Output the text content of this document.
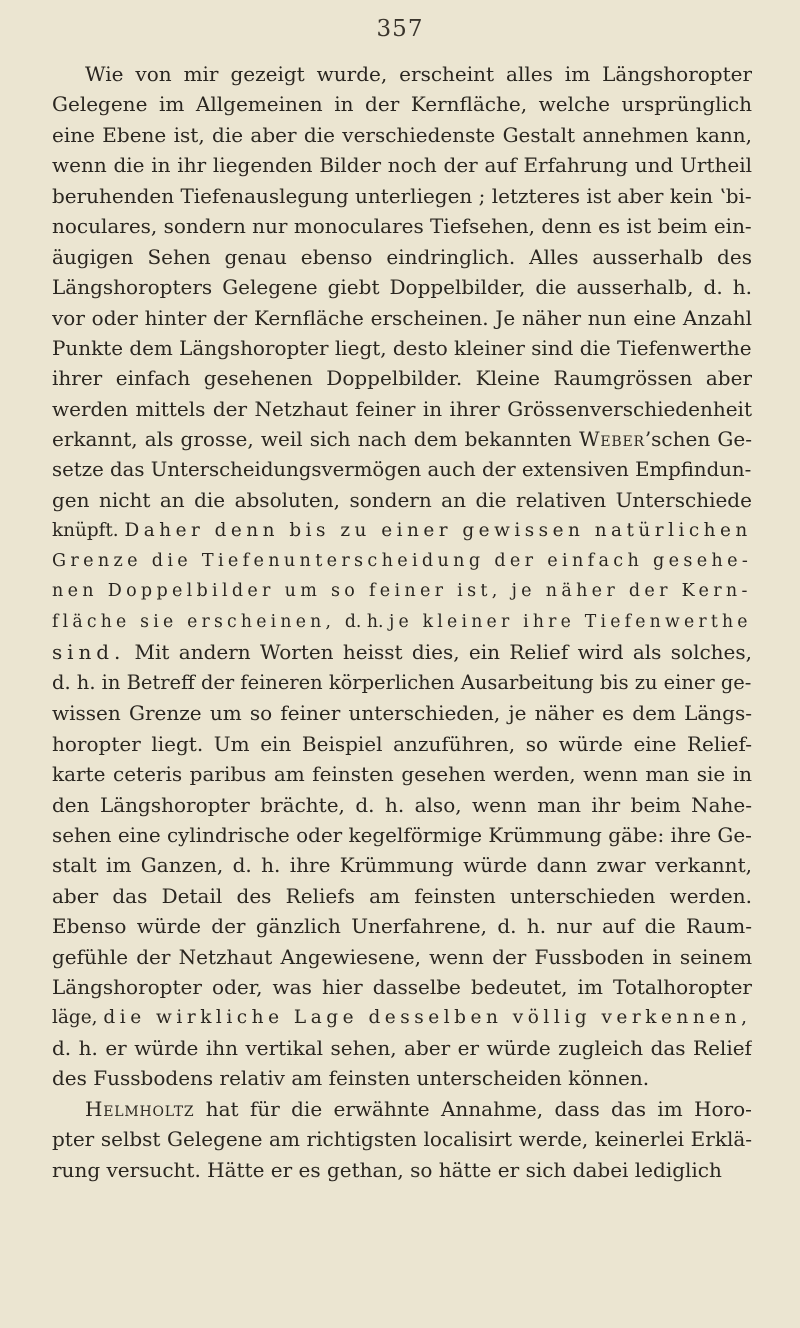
357
Wie von mir gezeigt wurde, erscheint alles im Längshoropter
Gelegene im Allgemeinen in der Kernfläche, welche ursprünglich
eine Ebene ist, die aber die verschiedenste Gestalt annehmen kann,
wenn die in ihr liegenden Bilder noch der auf Erfahrung und Urtheil
beruhenden Tiefenauslegung unterliegen ; letzteres ist aber kein ʽbi-
noculares, sondern nur monoculares Tiefsehen, denn es ist beim ein-
äugigen Sehen genau ebenso eindringlich. Alles ausserhalb des
Längshoropters Gelegene giebt Doppelbilder, die ausserhalb, d. h.
vor oder hinter der Kernfläche erscheinen. Je näher nun eine Anzahl
Punkte dem Längshoropter liegt, desto kleiner sind die Tiefenwerthe
ihrer einfach gesehenen Doppelbilder. Kleine Raumgrössen aber
werden mittels der Netzhaut feiner in ihrer Grössenverschiedenheit
erkannt, als grosse, weil sich nach dem bekannten Weber’schen Ge-
setze das Unterscheidungsvermögen auch der extensiven Empfindun-
gen nicht an die absoluten, sondern an die relativen Unterschiede
knüpft. Daher denn bis zu einer gewissen natürlichen
Grenze die Tiefenunterscheidung der einfach gesehe-
nen Doppelbilder um so feiner ist, je näher der Kern-
fläche sie erscheinen, d. h. je kleiner ihre Tiefenwerthe
sind. Mit andern Worten heisst dies, ein Relief wird als solches,
d. h. in Betreff der feineren körperlichen Ausarbeitung bis zu einer ge-
wissen Grenze um so feiner unterschieden, je näher es dem Längs-
horopter liegt. Um ein Beispiel anzuführen, so würde eine Relief-
karte ceteris paribus am feinsten gesehen werden, wenn man sie in
den Längshoropter brächte, d. h. also, wenn man ihr beim Nahe-
sehen eine cylindrische oder kegelförmige Krümmung gäbe: ihre Ge-
stalt im Ganzen, d. h. ihre Krümmung würde dann zwar verkannt,
aber das Detail des Reliefs am feinsten unterschieden werden.
Ebenso würde der gänzlich Unerfahrene, d. h. nur auf die Raum-
gefühle der Netzhaut Angewiesene, wenn der Fussboden in seinem
Längshoropter oder, was hier dasselbe bedeutet, im Totalhoropter
läge, die wirkliche Lage desselben völlig verkennen,
d. h. er würde ihn vertikal sehen, aber er würde zugleich das Relief
des Fussbodens relativ am feinsten unterscheiden können.
Helmholtz hat für die erwähnte Annahme, dass das im Horo-
pter selbst Gelegene am richtigsten localisirt werde, keinerlei Erklä-
rung versucht. Hätte er es gethan, so hätte er sich dabei lediglich
